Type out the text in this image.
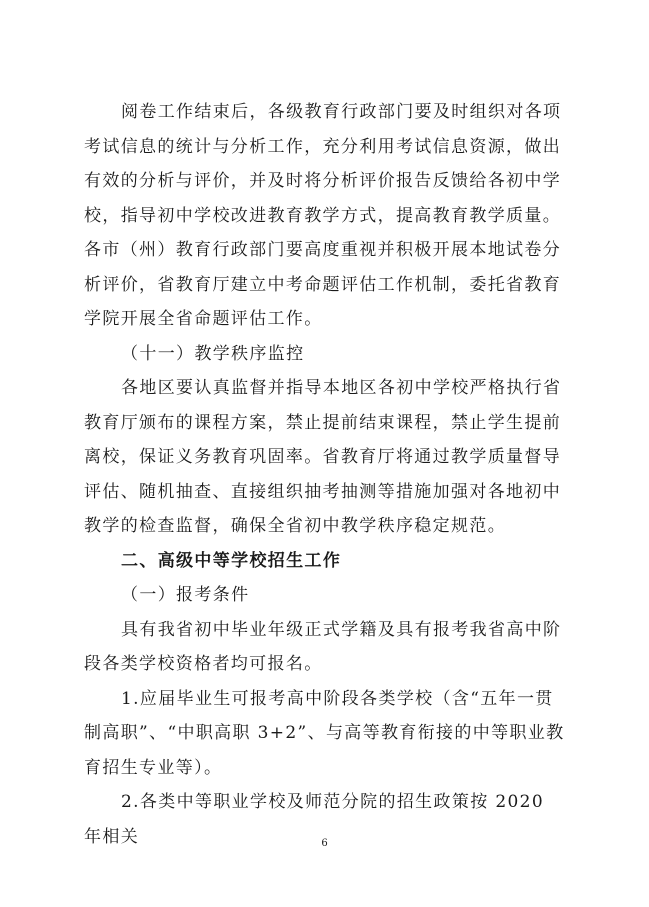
阅卷工作结束后，各级教育行政部门要及时组织对各项考试信息的统计与分析工作，充分利用考试信息资源，做出有效的分析与评价，并及时将分析评价报告反馈给各初中学校，指导初中学校改进教育教学方式，提高教育教学质量。各市（州）教育行政部门要高度重视并积极开展本地试卷分析评价，省教育厅建立中考命题评估工作机制，委托省教育学院开展全省命题评估工作。

（十一）教学秩序监控

各地区要认真监督并指导本地区各初中学校严格执行省教育厅颁布的课程方案，禁止提前结束课程，禁止学生提前离校，保证义务教育巩固率。省教育厅将通过教学质量督导评估、随机抽查、直接组织抽考抽测等措施加强对各地初中教学的检查监督，确保全省初中教学秩序稳定规范。

二、高级中等学校招生工作

（一）报考条件

具有我省初中毕业年级正式学籍及具有报考我省高中阶段各类学校资格者均可报名。

1.应届毕业生可报考高中阶段各类学校（含“五年一贯制高职”、“中职高职 3+2”、与高等教育衔接的中等职业教育招生专业等）。

2.各类中等职业学校及师范分院的招生政策按 2020 年相关	6
